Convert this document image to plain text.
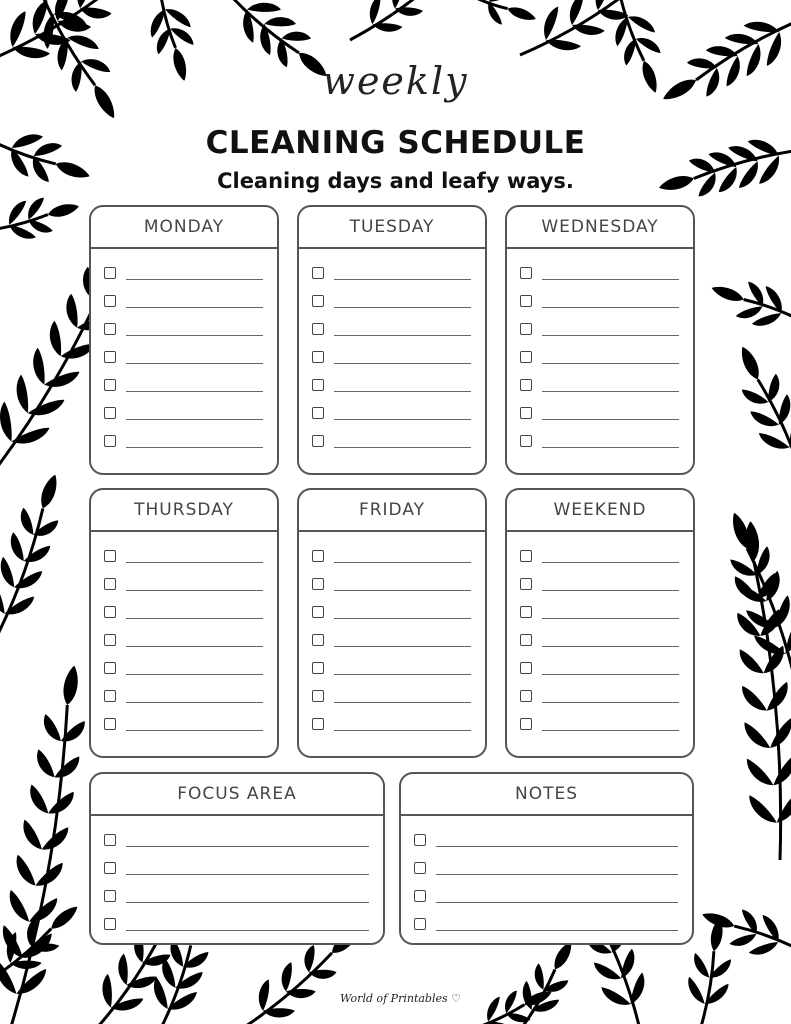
weekly
CLEANING SCHEDULE
Cleaning days and leafy ways.
MONDAY	TUESDAY	WEDNESDAY
THURSDAY	FRIDAY	WEEKEND
FOCUS AREA	NOTES
World of Printables ♡
